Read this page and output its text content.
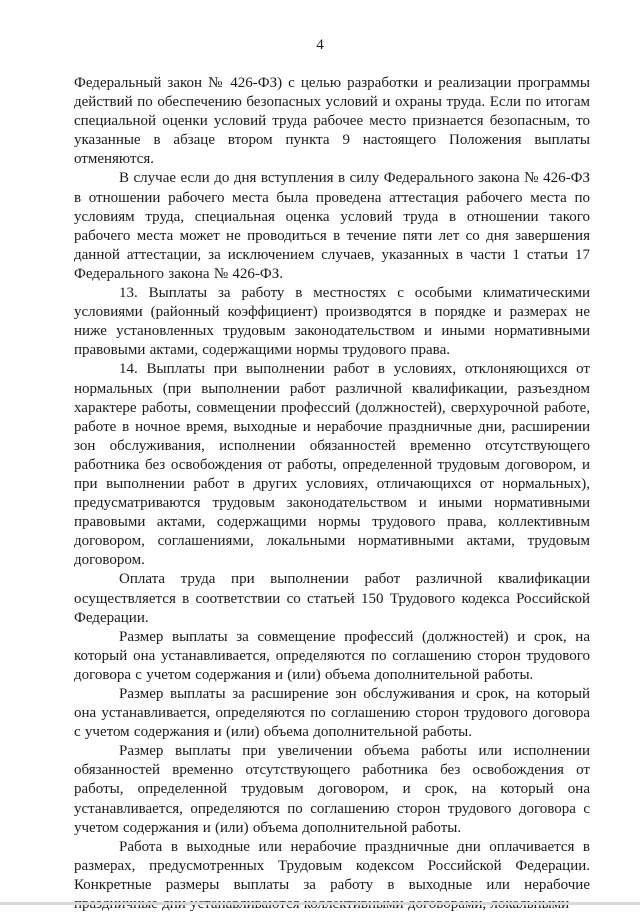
4

Федеральный закон № 426-ФЗ) с целью разработки и реализации программы действий по обеспечению безопасных условий и охраны труда. Если по итогам специальной оценки условий труда рабочее место признается безопасным, то указанные в абзаце втором пункта 9 настоящего Положения выплаты отменяются.

В случае если до дня вступления в силу Федерального закона № 426-ФЗ в отношении рабочего места была проведена аттестация рабочего места по условиям труда, специальная оценка условий труда в отношении такого рабочего места может не проводиться в течение пяти лет со дня завершения данной аттестации, за исключением случаев, указанных в части 1 статьи 17 Федерального закона № 426-ФЗ.

13. Выплаты за работу в местностях с особыми климатическими условиями (районный коэффициент) производятся в порядке и размерах не ниже установленных трудовым законодательством и иными нормативными правовыми актами, содержащими нормы трудового права.

14. Выплаты при выполнении работ в условиях, отклоняющихся от нормальных (при выполнении работ различной квалификации, разъездном характере работы, совмещении профессий (должностей), сверхурочной работе, работе в ночное время, выходные и нерабочие праздничные дни, расширении зон обслуживания, исполнении обязанностей временно отсутствующего работника без освобождения от работы, определенной трудовым договором, и при выполнении работ в других условиях, отличающихся от нормальных), предусматриваются трудовым законодательством и иными нормативными правовыми актами, содержащими нормы трудового права, коллективным договором, соглашениями, локальными нормативными актами, трудовым договором.

Оплата труда при выполнении работ различной квалификации осуществляется в соответствии со статьей 150 Трудового кодекса Российской Федерации.

Размер выплаты за совмещение профессий (должностей) и срок, на который она устанавливается, определяются по соглашению сторон трудового договора с учетом содержания и (или) объема дополнительной работы.

Размер выплаты за расширение зон обслуживания и срок, на который она устанавливается, определяются по соглашению сторон трудового договора с учетом содержания и (или) объема дополнительной работы.

Размер выплаты при увеличении объема работы или исполнении обязанностей временно отсутствующего работника без освобождения от работы, определенной трудовым договором, и срок, на который она устанавливается, определяются по соглашению сторон трудового договора с учетом содержания и (или) объема дополнительной работы.

Работа в выходные или нерабочие праздничные дни оплачивается в размерах, предусмотренных Трудовым кодексом Российской Федерации. Конкретные размеры выплаты за работу в выходные или нерабочие
